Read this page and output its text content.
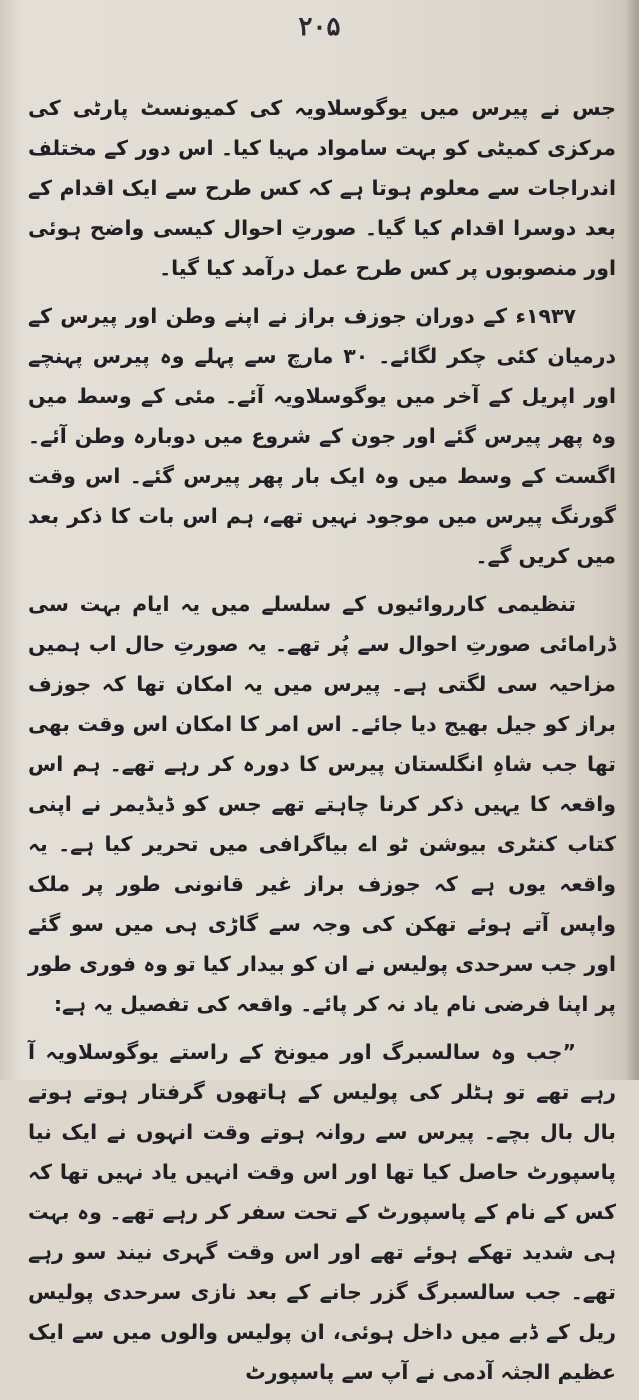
۲۰۵

جس نے پیرس میں یوگوسلاویہ کی کمیونسٹ پارٹی کی مرکزی کمیٹی کو بہت سامواد مہیا کیا۔ اس دور کے مختلف اندراجات سے معلوم ہوتا ہے کہ کس طرح سے ایک اقدام کے بعد دوسرا اقدام کیا گیا۔ صورتِ احوال کیسی واضح ہوئی اور منصوبوں پر کس طرح عمل درآمد کیا گیا۔

۱۹۳۷ء کے دوران جوزف براز نے اپنے وطن اور پیرس کے درمیان کئی چکر لگائے۔ ۳۰ مارچ سے پہلے وہ پیرس پہنچے اور اپریل کے آخر میں یوگوسلاویہ آئے۔ مئی کے وسط میں وہ پھر پیرس گئے اور جون کے شروع میں دوبارہ وطن آئے۔ اگست کے وسط میں وہ ایک بار پھر پیرس گئے۔ اس وقت گورنگ پیرس میں موجود نہیں تھے، ہم اس بات کا ذکر بعد میں کریں گے۔

تنظیمی کارروائیوں کے سلسلے میں یہ ایام بہت سی ڈرامائی صورتِ احوال سے پُر تھے۔ یہ صورتِ حال اب ہمیں مزاحیہ سی لگتی ہے۔ پیرس میں یہ امکان تھا کہ جوزف براز کو جیل بھیج دیا جائے۔ اس امر کا امکان اس وقت بھی تھا جب شاہِ انگلستان پیرس کا دورہ کر رہے تھے۔ ہم اس واقعہ کا یہیں ذکر کرنا چاہتے تھے جس کو ڈیڈیمر نے اپنی کتاب کنٹری بیوشن ٹو اے بیاگرافی میں تحریر کیا ہے۔ یہ واقعہ یوں ہے کہ جوزف براز غیر قانونی طور پر ملک واپس آتے ہوئے تھکن کی وجہ سے گاڑی ہی میں سو گئے اور جب سرحدی پولیس نے ان کو بیدار کیا تو وہ فوری طور پر اپنا فرضی نام یاد نہ کر پائے۔ واقعہ کی تفصیل یہ ہے:

”جب وہ سالسبرگ اور میونخ کے راستے یوگوسلاویہ آ رہے تھے تو ہٹلر کی پولیس کے ہاتھوں گرفتار ہوتے ہوتے بال بال بچے۔ پیرس سے روانہ ہوتے وقت انہوں نے ایک نیا پاسپورٹ حاصل کیا تھا اور اس وقت انہیں یاد نہیں تھا کہ کس کے نام کے پاسپورٹ کے تحت سفر کر رہے تھے۔ وہ بہت ہی شدید تھکے ہوئے تھے اور اس وقت گہری نیند سو رہے تھے۔ جب سالسبرگ گزر جانے کے بعد نازی سرحدی پولیس ریل کے ڈبے میں داخل ہوئی، ان پولیس والوں میں سے ایک عظیم الجثہ آدمی نے آپ سے پاسپورٹ
